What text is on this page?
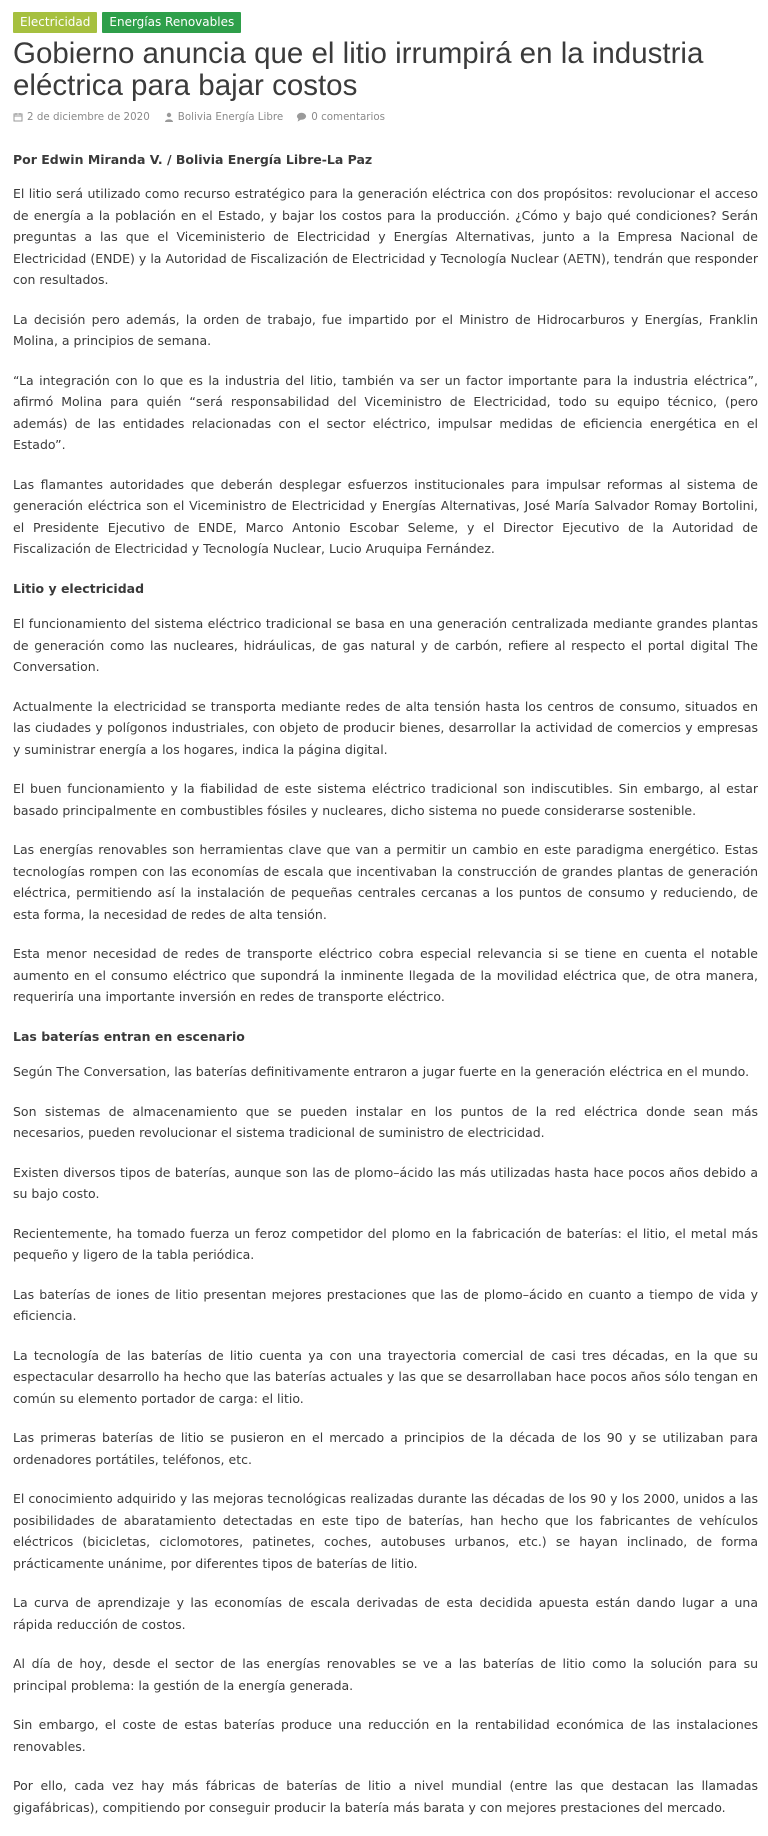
Electricidad	Energías Renovables
Gobierno anuncia que el litio irrumpirá en la industria eléctrica para bajar costos
2 de diciembre de 2020	Bolivia Energía Libre	0 comentarios

Por Edwin Miranda V. / Bolivia Energía Libre-La Paz

El litio será utilizado como recurso estratégico para la generación eléctrica con dos propósitos: revolucionar el acceso de energía a la población en el Estado, y bajar los costos para la producción. ¿Cómo y bajo qué condiciones? Serán preguntas a las que el Viceministerio de Electricidad y Energías Alternativas, junto a la Empresa Nacional de Electricidad (ENDE) y la Autoridad de Fiscalización de Electricidad y Tecnología Nuclear (AETN), tendrán que responder con resultados.

La decisión pero además, la orden de trabajo, fue impartido por el Ministro de Hidrocarburos y Energías, Franklin Molina, a principios de semana.

“La integración con lo que es la industria del litio, también va ser un factor importante para la industria eléctrica”, afirmó Molina para quién “será responsabilidad del Viceministro de Electricidad, todo su equipo técnico, (pero además) de las entidades relacionadas con el sector eléctrico, impulsar medidas de eficiencia energética en el Estado”.

Las flamantes autoridades que deberán desplegar esfuerzos institucionales para impulsar reformas al sistema de generación eléctrica son el Viceministro de Electricidad y Energías Alternativas, José María Salvador Romay Bortolini, el Presidente Ejecutivo de ENDE, Marco Antonio Escobar Seleme, y el Director Ejecutivo de la Autoridad de Fiscalización de Electricidad y Tecnología Nuclear, Lucio Aruquipa Fernández.

Litio y electricidad

El funcionamiento del sistema eléctrico tradicional se basa en una generación centralizada mediante grandes plantas de generación como las nucleares, hidráulicas, de gas natural y de carbón, refiere al respecto el portal digital The Conversation.

Actualmente la electricidad se transporta mediante redes de alta tensión hasta los centros de consumo, situados en las ciudades y polígonos industriales, con objeto de producir bienes, desarrollar la actividad de comercios y empresas y suministrar energía a los hogares, indica la página digital.

El buen funcionamiento y la fiabilidad de este sistema eléctrico tradicional son indiscutibles. Sin embargo, al estar basado principalmente en combustibles fósiles y nucleares, dicho sistema no puede considerarse sostenible.

Las energías renovables son herramientas clave que van a permitir un cambio en este paradigma energético. Estas tecnologías rompen con las economías de escala que incentivaban la construcción de grandes plantas de generación eléctrica, permitiendo así la instalación de pequeñas centrales cercanas a los puntos de consumo y reduciendo, de esta forma, la necesidad de redes de alta tensión.

Esta menor necesidad de redes de transporte eléctrico cobra especial relevancia si se tiene en cuenta el notable aumento en el consumo eléctrico que supondrá la inminente llegada de la movilidad eléctrica que, de otra manera, requeriría una importante inversión en redes de transporte eléctrico.

Las baterías entran en escenario

Según The Conversation, las baterías definitivamente entraron a jugar fuerte en la generación eléctrica en el mundo.

Son sistemas de almacenamiento que se pueden instalar en los puntos de la red eléctrica donde sean más necesarios, pueden revolucionar el sistema tradicional de suministro de electricidad.

Existen diversos tipos de baterías, aunque son las de plomo–ácido las más utilizadas hasta hace pocos años debido a su bajo costo.

Recientemente, ha tomado fuerza un feroz competidor del plomo en la fabricación de baterías: el litio, el metal más pequeño y ligero de la tabla periódica.

Las baterías de iones de litio presentan mejores prestaciones que las de plomo–ácido en cuanto a tiempo de vida y eficiencia.

La tecnología de las baterías de litio cuenta ya con una trayectoria comercial de casi tres décadas, en la que su espectacular desarrollo ha hecho que las baterías actuales y las que se desarrollaban hace pocos años sólo tengan en común su elemento portador de carga: el litio.

Las primeras baterías de litio se pusieron en el mercado a principios de la década de los 90 y se utilizaban para ordenadores portátiles, teléfonos, etc.

El conocimiento adquirido y las mejoras tecnológicas realizadas durante las décadas de los 90 y los 2000, unidos a las posibilidades de abaratamiento detectadas en este tipo de baterías, han hecho que los fabricantes de vehículos eléctricos (bicicletas, ciclomotores, patinetes, coches, autobuses urbanos, etc.) se hayan inclinado, de forma prácticamente unánime, por diferentes tipos de baterías de litio.

La curva de aprendizaje y las economías de escala derivadas de esta decidida apuesta están dando lugar a una rápida reducción de costos.

Al día de hoy, desde el sector de las energías renovables se ve a las baterías de litio como la solución para su principal problema: la gestión de la energía generada.

Sin embargo, el coste de estas baterías produce una reducción en la rentabilidad económica de las instalaciones renovables.

Por ello, cada vez hay más fábricas de baterías de litio a nivel mundial (entre las que destacan las llamadas gigafábricas), compitiendo por conseguir producir la batería más barata y con mejores prestaciones del mercado.
